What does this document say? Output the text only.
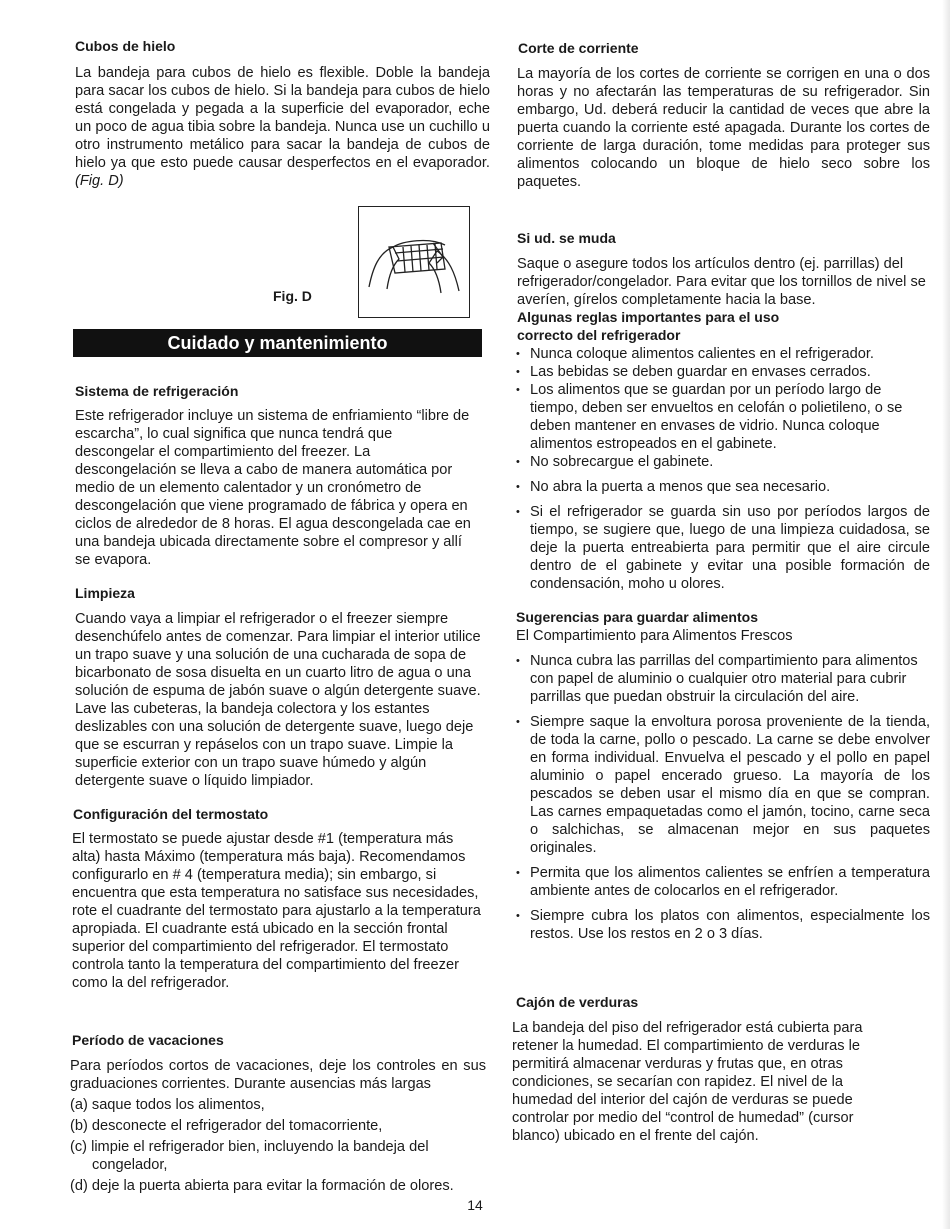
Cubos de hielo

La bandeja para cubos de hielo es flexible. Doble la bandeja para sacar los cubos de hielo. Si la bandeja para cubos de hielo está congelada y pegada a la superficie del evaporador, eche un poco de agua tibia sobre la bandeja. Nunca use un cuchillo u otro instrumento metálico para sacar la bandeja de cubos de hielo ya que esto puede causar desperfectos en el evaporador. (Fig. D)

Fig. D
Cuidado y mantenimiento

Sistema de refrigeración

Este refrigerador incluye un sistema de enfriamiento “libre de escarcha”, lo cual significa que nunca tendrá que descongelar el compartimiento del freezer. La descongelación se lleva a cabo de manera automática por medio de un elemento calentador y un cronómetro de descongelación que viene programado de fábrica y opera en ciclos de alrededor de 8 horas. El agua descongelada cae en una bandeja ubicada directamente sobre el compresor y allí se evapora.

Limpieza

Cuando vaya a limpiar el refrigerador o el freezer siempre desenchúfelo antes de comenzar. Para limpiar el interior utilice un trapo suave y una solución de una cucharada de sopa de bicarbonato de sosa disuelta en un cuarto litro de agua o una solución de espuma de jabón suave o algún detergente suave. Lave las cubeteras, la bandeja colectora y los estantes deslizables con una solución de detergente suave, luego deje que se escurran y repáselos con un trapo suave. Limpie la superficie exterior con un trapo suave húmedo y algún detergente suave o líquido limpiador.

Configuración del termostato

El termostato se puede ajustar desde #1 (temperatura más alta) hasta Máximo (temperatura más baja). Recomendamos configurarlo en # 4 (temperatura media); sin embargo, si encuentra que esta temperatura no satisface sus necesidades, rote el cuadrante del termostato para ajustarlo a la temperatura apropiada. El cuadrante está ubicado en la sección frontal superior del compartimiento del refrigerador. El termostato controla tanto la temperatura del compartimiento del freezer como la del refrigerador.

Período de vacaciones

Para períodos cortos de vacaciones, deje los controles en sus graduaciones corrientes. Durante ausencias más largas

(a) saque todos los alimentos,

(b) desconecte el refrigerador del tomacorriente,

(c) limpie el refrigerador bien, incluyendo la bandeja del

congelador,

(d) deje la puerta abierta para evitar la formación de olores.

Corte de corriente

La mayoría de los cortes de corriente se corrigen en una o dos horas y no afectarán las temperaturas de su refrigerador. Sin embargo, Ud. deberá reducir la cantidad de veces que abre la puerta cuando la corriente esté apagada. Durante los cortes de corriente de larga duración, tome medidas para proteger sus alimentos colocando un bloque de hielo seco sobre los paquetes.

Si ud. se muda

Saque o asegure todos los artículos dentro (ej. parrillas) del refrigerador/congelador. Para evitar que los tornillos de nivel se averíen, gírelos completamente hacia la base.

Algunas reglas importantes para el uso

correcto del refrigerador

• Nunca coloque alimentos calientes en el refrigerador.
• Las bebidas se deben guardar en envases cerrados.
• Los alimentos que se guardan por un período largo de tiempo, deben ser envueltos en celofán o polietileno, o se deben mantener en envases de vidrio. Nunca coloque alimentos estropeados en el gabinete.
• No sobrecargue el gabinete.
• No abra la puerta a menos que sea necesario.
• Si el refrigerador se guarda sin uso por períodos largos de tiempo, se sugiere que, luego de una limpieza cuidadosa, se deje la puerta entreabierta para permitir que el aire circule dentro de el gabinete y evitar una posible formación de condensación, moho u olores.

Sugerencias para guardar alimentos

El Compartimiento para Alimentos Frescos

• Nunca cubra las parrillas del compartimiento para alimentos con papel de aluminio o cualquier otro material para cubrir parrillas que puedan obstruir la circulación del aire.
• Siempre saque la envoltura porosa proveniente de la tienda, de toda la carne, pollo o pescado. La carne se debe envolver en forma individual. Envuelva el pescado y el pollo en papel aluminio o papel encerado grueso. La mayoría de los pescados se deben usar el mismo día en que se compran. Las carnes empaquetadas como el jamón, tocino, carne seca o salchichas, se almacenan mejor en sus paquetes originales.
• Permita que los alimentos calientes se enfríen a temperatura ambiente antes de colocarlos en el refrigerador.
• Siempre cubra los platos con alimentos, especialmente los restos. Use los restos en 2 o 3 días.

Cajón de verduras

La bandeja del piso del refrigerador está cubierta para retener la humedad. El compartimiento de verduras le permitirá almacenar verduras y frutas que, en otras condiciones, se secarían con rapidez. El nivel de la humedad del interior del cajón de verduras se puede controlar por medio del “control de humedad” (cursor blanco) ubicado en el frente del cajón.

14
